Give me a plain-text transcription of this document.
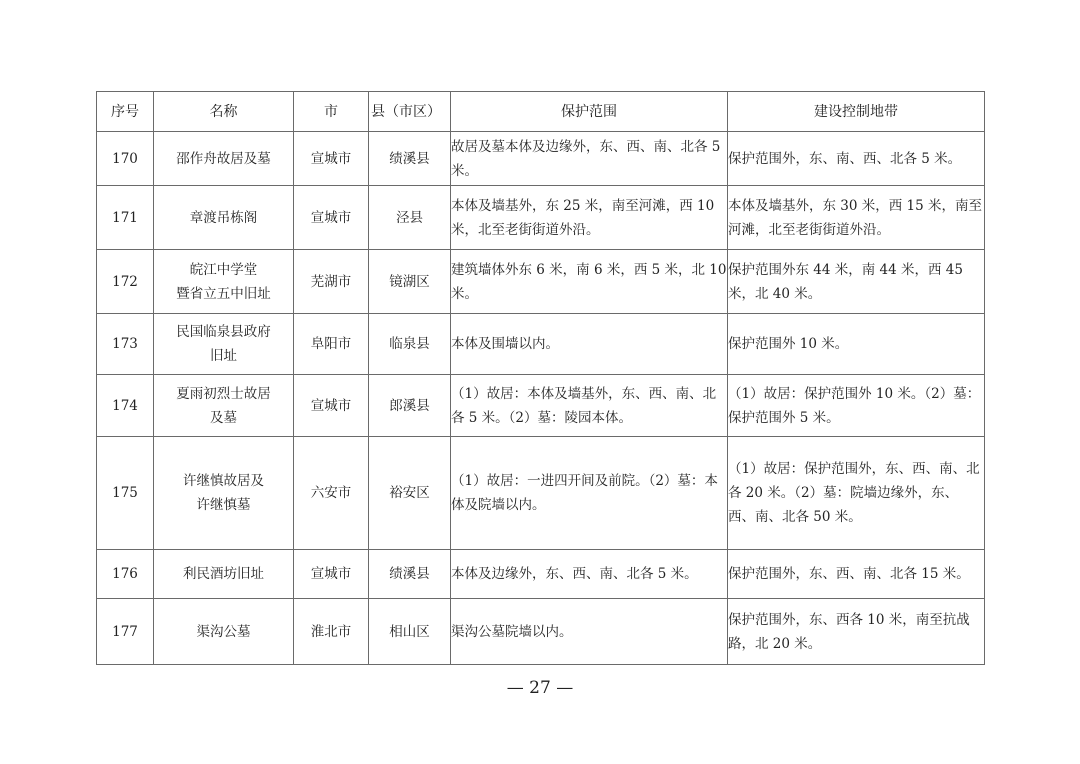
序号	名称	市	县（市区）	保护范围	建设控制地带
170	邵作舟故居及墓	宣城市	绩溪县	故居及墓本体及边缘外，东、西、南、北各 5 米。	保护范围外，东、南、西、北各 5 米。
171	章渡吊栋阁	宣城市	泾县	本体及墙基外，东 25 米，南至河滩，西 10 米，北至老街街道外沿。	本体及墙基外，东 30 米，西 15 米，南至河滩，北至老街街道外沿。
172	皖江中学堂
暨省立五中旧址	芜湖市	镜湖区	建筑墙体外东 6 米，南 6 米，西 5 米，北 10 米。	保护范围外东 44 米，南 44 米，西 45 米，北 40 米。
173	民国临泉县政府
旧址	阜阳市	临泉县	本体及围墙以内。	保护范围外 10 米。
174	夏雨初烈士故居
及墓	宣城市	郎溪县	（1）故居：本体及墙基外，东、西、南、北各 5 米。（2）墓：陵园本体。	（1）故居：保护范围外 10 米。（2）墓：保护范围外 5 米。
175	许继慎故居及
许继慎墓	六安市	裕安区	（1）故居：一进四开间及前院。（2）墓：本体及院墙以内。	（1）故居：保护范围外，东、西、南、北各 20 米。（2）墓：院墙边缘外，东、西、南、北各 50 米。
176	利民酒坊旧址	宣城市	绩溪县	本体及边缘外，东、西、南、北各 5 米。	保护范围外，东、西、南、北各 15 米。
177	渠沟公墓	淮北市	相山区	渠沟公墓院墙以内。	保护范围外，东、西各 10 米，南至抗战路，北 20 米。
— 27 —
